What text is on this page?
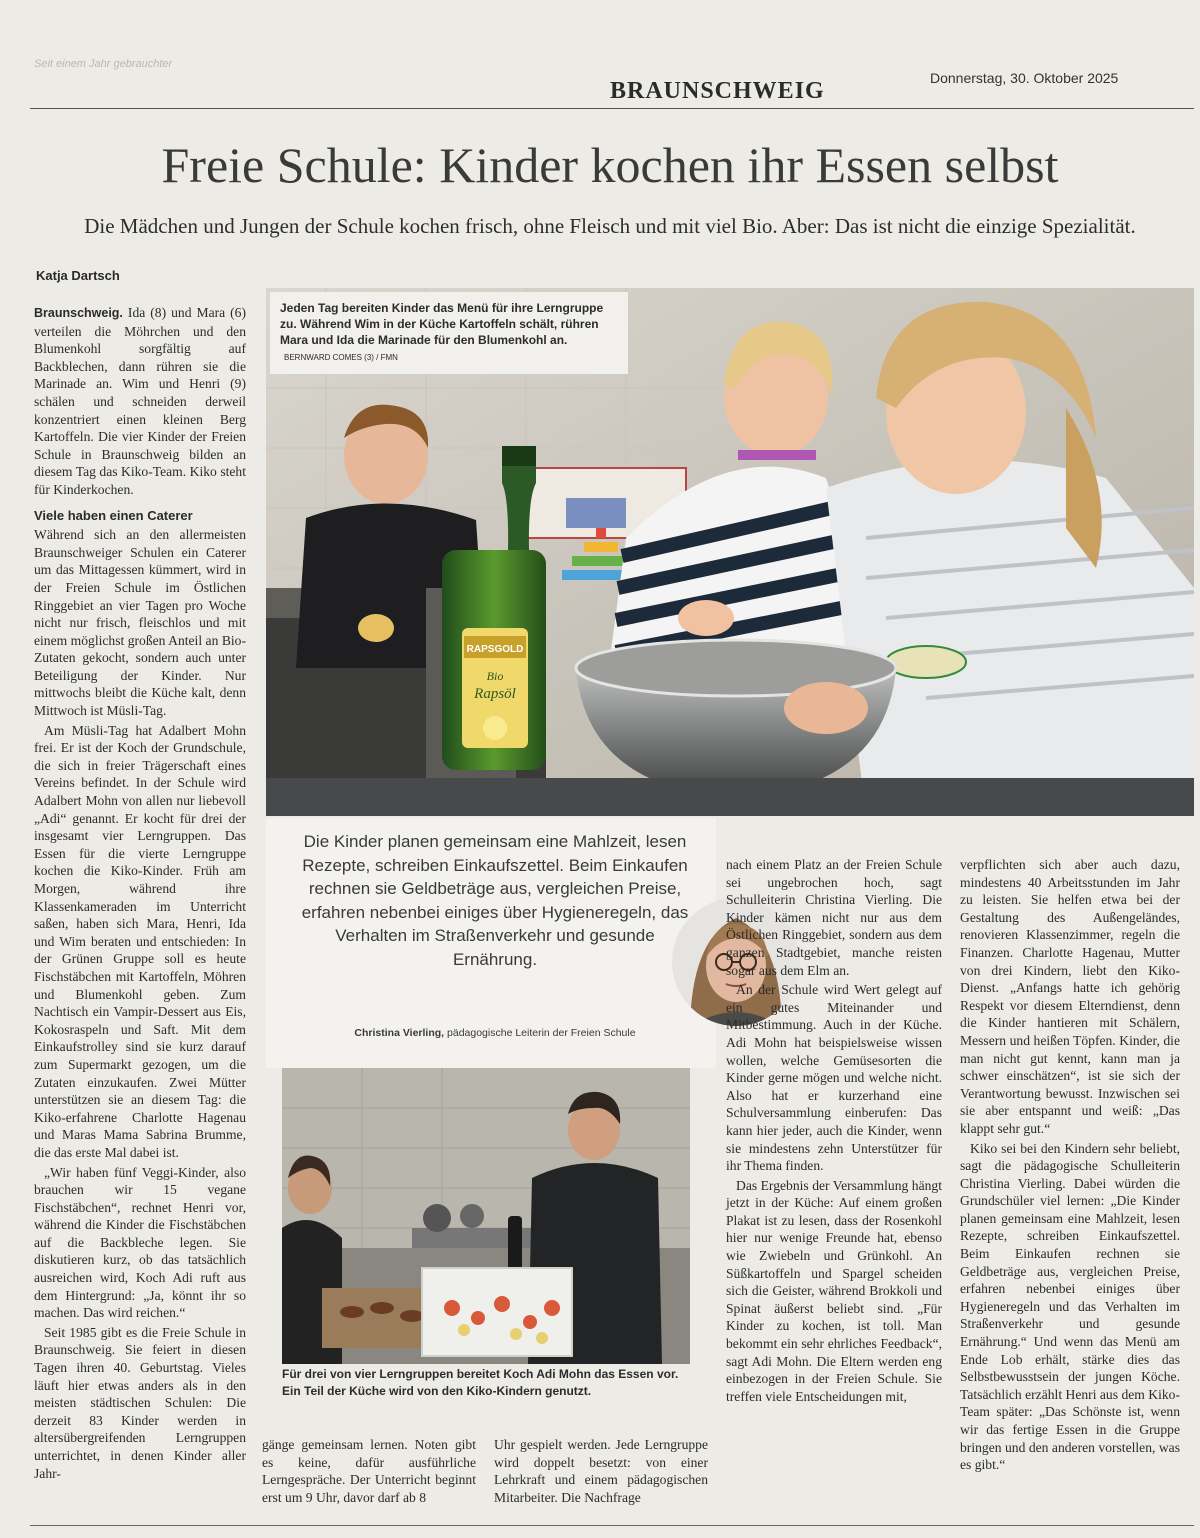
Seit einem Jahr gebrauchter
BRAUNSCHWEIG	Donnerstag, 30. Oktober 2025
Freie Schule: Kinder kochen ihr Essen selbst
Die Mädchen und Jungen der Schule kochen frisch, ohne Fleisch und mit viel Bio. Aber: Das ist nicht die einzige Spezialität.
Katja Dartsch

Braunschweig. Ida (8) und Mara (6) verteilen die Möhrchen und den Blumenkohl sorgfältig auf Backblechen, dann rühren sie die Marinade an. Wim und Henri (9) schälen und schneiden derweil konzentriert einen kleinen Berg Kartoffeln. Die vier Kinder der Freien Schule in Braunschweig bilden an diesem Tag das Kiko-Team. Kiko steht für Kinderkochen.

Viele haben einen Caterer

Während sich an den allermeisten Braunschweiger Schulen ein Caterer um das Mittagessen kümmert, wird in der Freien Schule im Östlichen Ringgebiet an vier Tagen pro Woche nicht nur frisch, fleischlos und mit einem möglichst großen Anteil an Bio-Zutaten gekocht, sondern auch unter Beteiligung der Kinder. Nur mittwochs bleibt die Küche kalt, denn Mittwoch ist Müsli-Tag.

Am Müsli-Tag hat Adalbert Mohn frei. Er ist der Koch der Grundschule, die sich in freier Trägerschaft eines Vereins befindet. In der Schule wird Adalbert Mohn von allen nur liebevoll „Adi“ genannt. Er kocht für drei der insgesamt vier Lerngruppen. Das Essen für die vierte Lerngruppe kochen die Kiko-Kinder. Früh am Morgen, während ihre Klassenkameraden im Unterricht saßen, haben sich Mara, Henri, Ida und Wim beraten und entschieden: In der Grünen Gruppe soll es heute Fischstäbchen mit Kartoffeln, Möhren und Blumenkohl geben. Zum Nachtisch ein Vampir-Dessert aus Eis, Kokosraspeln und Saft. Mit dem Einkaufstrolley sind sie kurz darauf zum Supermarkt gezogen, um die Zutaten einzukaufen. Zwei Mütter unterstützen sie an diesem Tag: die Kiko-erfahrene Charlotte Hagenau und Maras Mama Sabrina Brumme, die das erste Mal dabei ist.

„Wir haben fünf Veggi-Kinder, also brauchen wir 15 vegane Fischstäbchen“, rechnet Henri vor, während die Kinder die Fischstäbchen auf die Backbleche legen. Sie diskutieren kurz, ob das tatsächlich ausreichen wird, Koch Adi ruft aus dem Hintergrund: „Ja, könnt ihr so machen. Das wird reichen.“

Seit 1985 gibt es die Freie Schule in Braunschweig. Sie feiert in diesen Tagen ihren 40. Geburtstag. Vieles läuft hier etwas anders als in den meisten städtischen Schulen: Die derzeit 83 Kinder werden in altersübergreifenden Lerngruppen unterrichtet, in denen Kinder aller Jahr-

RAPSGOLD
Bio
Rapsöl
Jeden Tag bereiten Kinder das Menü für ihre Lerngruppe zu. Während Wim in der Küche Kartoffeln schält, rühren Mara und Ida die Marinade für den Blumenkohl an. BERNWARD COMES (3) / FMN
Die Kinder planen gemeinsam eine Mahlzeit, lesen Rezepte, schreiben Einkaufszettel. Beim Einkaufen rechnen sie Geldbeträge aus, vergleichen Preise, erfahren nebenbei einiges über Hygieneregeln, das Verhalten im Straßenverkehr und gesunde Ernährung.
Christina Vierling, pädagogische Leiterin der Freien Schule
Für drei von vier Lerngruppen bereitet Koch Adi Mohn das Essen vor. Ein Teil der Küche wird von den Kiko-Kindern genutzt.

gänge gemeinsam lernen. Noten gibt es keine, dafür ausführliche Lerngespräche. Der Unterricht beginnt erst um 9 Uhr, davor darf ab 8

Uhr gespielt werden. Jede Lerngruppe wird doppelt besetzt: von einer Lehrkraft und einem pädagogischen Mitarbeiter. Die Nachfrage

nach einem Platz an der Freien Schule sei ungebrochen hoch, sagt Schulleiterin Christina Vierling. Die Kinder kämen nicht nur aus dem Östlichen Ringgebiet, sondern aus dem ganzen Stadtgebiet, manche reisten sogar aus dem Elm an.

An der Schule wird Wert gelegt auf ein gutes Miteinander und Mitbestimmung. Auch in der Küche. Adi Mohn hat beispielsweise wissen wollen, welche Gemüsesorten die Kinder gerne mögen und welche nicht. Also hat er kurzerhand eine Schulversammlung einberufen: Das kann hier jeder, auch die Kinder, wenn sie mindestens zehn Unterstützer für ihr Thema finden.

Das Ergebnis der Versammlung hängt jetzt in der Küche: Auf einem großen Plakat ist zu lesen, dass der Rosenkohl hier nur wenige Freunde hat, ebenso wie Zwiebeln und Grünkohl. An Süßkartoffeln und Spargel scheiden sich die Geister, während Brokkoli und Spinat äußerst beliebt sind. „Für Kinder zu kochen, ist toll. Man bekommt ein sehr ehrliches Feedback“, sagt Adi Mohn. Die Eltern werden eng einbezogen in der Freien Schule. Sie treffen viele Entscheidungen mit,

verpflichten sich aber auch dazu, mindestens 40 Arbeitsstunden im Jahr zu leisten. Sie helfen etwa bei der Gestaltung des Außengeländes, renovieren Klassenzimmer, regeln die Finanzen. Charlotte Hagenau, Mutter von drei Kindern, liebt den Kiko-Dienst. „Anfangs hatte ich gehörig Respekt vor diesem Elterndienst, denn die Kinder hantieren mit Schälern, Messern und heißen Töpfen. Kinder, die man nicht gut kennt, kann man ja schwer einschätzen“, ist sie sich der Verantwortung bewusst. Inzwischen sei sie aber entspannt und weiß: „Das klappt sehr gut.“

Kiko sei bei den Kindern sehr beliebt, sagt die pädagogische Schulleiterin Christina Vierling. Dabei würden die Grundschüler viel lernen: „Die Kinder planen gemeinsam eine Mahlzeit, lesen Rezepte, schreiben Einkaufszettel. Beim Einkaufen rechnen sie Geldbeträge aus, vergleichen Preise, erfahren nebenbei einiges über Hygieneregeln und das Verhalten im Straßenverkehr und gesunde Ernährung.“ Und wenn das Menü am Ende Lob erhält, stärke dies das Selbstbewusstsein der jungen Köche. Tatsächlich erzählt Henri aus dem Kiko-Team später: „Das Schönste ist, wenn wir das fertige Essen in die Gruppe bringen und den anderen vorstellen, was es gibt.“
